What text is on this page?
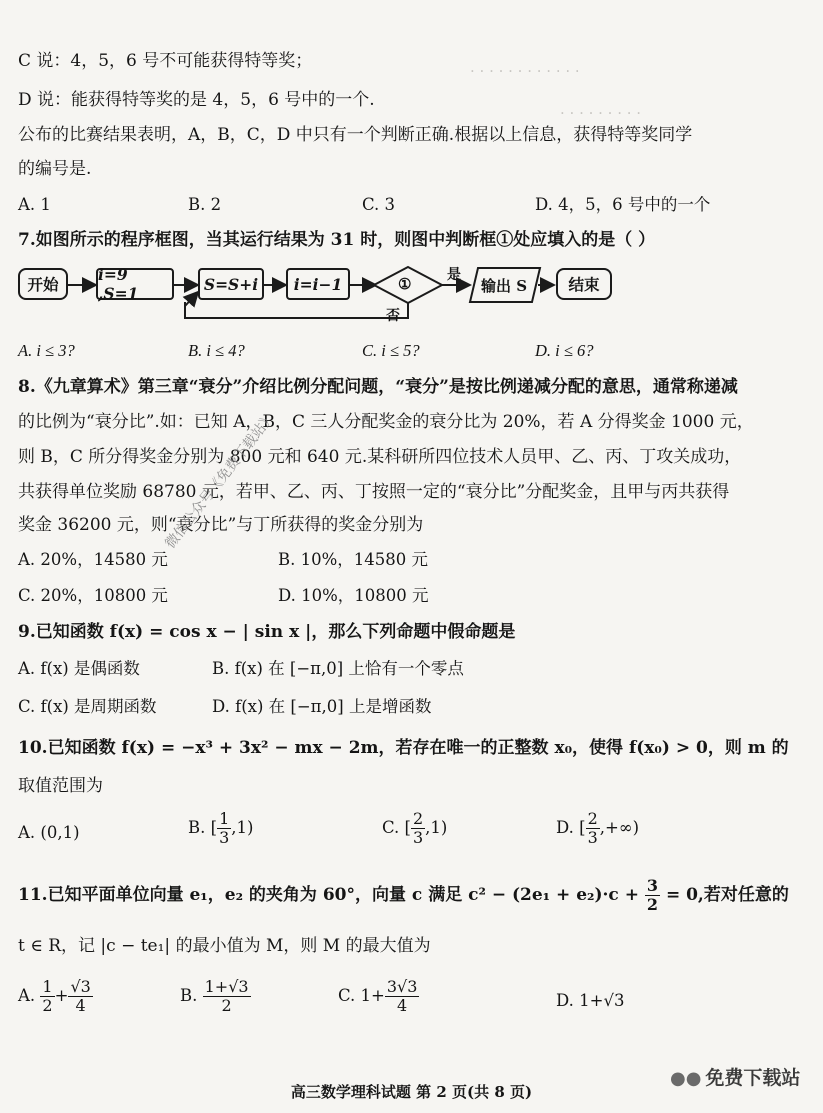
. . . . . . . . . . . .
. . . . . . . . .
C 说：4，5，6 号不可能获得特等奖；
D 说：能获得特等奖的是 4，5，6 号中的一个.
公布的比赛结果表明，A，B，C，D 中只有一个判断正确.根据以上信息，获得特等奖同学
的编号是.
A. 1	B. 2	C. 3	D. 4，5，6 号中的一个
7.如图所示的程序框图，当其运行结果为 31 时，则图中判断框①处应填入的是（ ）
开始
i=9 ,S=1	S=S+i	i=i−1	①	是
否
输出 S	结束
A. i ≤ 3?	B. i ≤ 4?	C. i ≤ 5?	D. i ≤ 6?
8.《九章算术》第三章“衰分”介绍比例分配问题，“衰分”是按比例递减分配的意思，通常称递减
的比例为“衰分比”.如：已知 A，B，C 三人分配奖金的衰分比为 20%，若 A 分得奖金 1000 元，
则 B，C 所分得奖金分别为 800 元和 640 元.某科研所四位技术人员甲、乙、丙、丁攻关成功，
共获得单位奖励 68780 元，若甲、乙、丙、丁按照一定的“衰分比”分配奖金，且甲与丙共获得
奖金 36200 元，则“衰分比”与丁所获得的奖金分别为
A. 20%，14580 元	B. 10%，14580 元
C. 20%，10800 元	D. 10%，10800 元
微信公众号《免费下载站》
9.已知函数 f(x) = cos x − | sin x |，那么下列命题中假命题是
A. f(x) 是偶函数	B. f(x) 在 [−π,0] 上恰有一个零点
C. f(x) 是周期函数	D. f(x) 在 [−π,0] 上是增函数
10.已知函数 f(x) = −x³ + 3x² − mx − 2m，若存在唯一的正整数 x₀，使得 f(x₀) > 0，则 m 的
取值范围为
A. (0,1)	B. [ $\frac{1}{3} ,1$)	C. [ $\frac{2}{3} ,1$)	D. [ $\frac{2}{3}$ ,+∞)
11.已知平面单位向量 e₁，e₂ 的夹角为 60°，向量 c 满足 $c^2 - (2e_1 + e_2)\cdot c + \frac{3}{2} = 0$,若对任意的
t ∈ R，记 |c − te₁| 的最小值为 M，则 M 的最大值为
A. $\frac{1}{2} + \frac{√3}{4}$	B. $\frac{1+√3}{2}$	C. $1+ \frac{3√3}{4}$	D. 1+√3
高三数学理科试题 第 2 页(共 8 页)
●● 免费下载站
